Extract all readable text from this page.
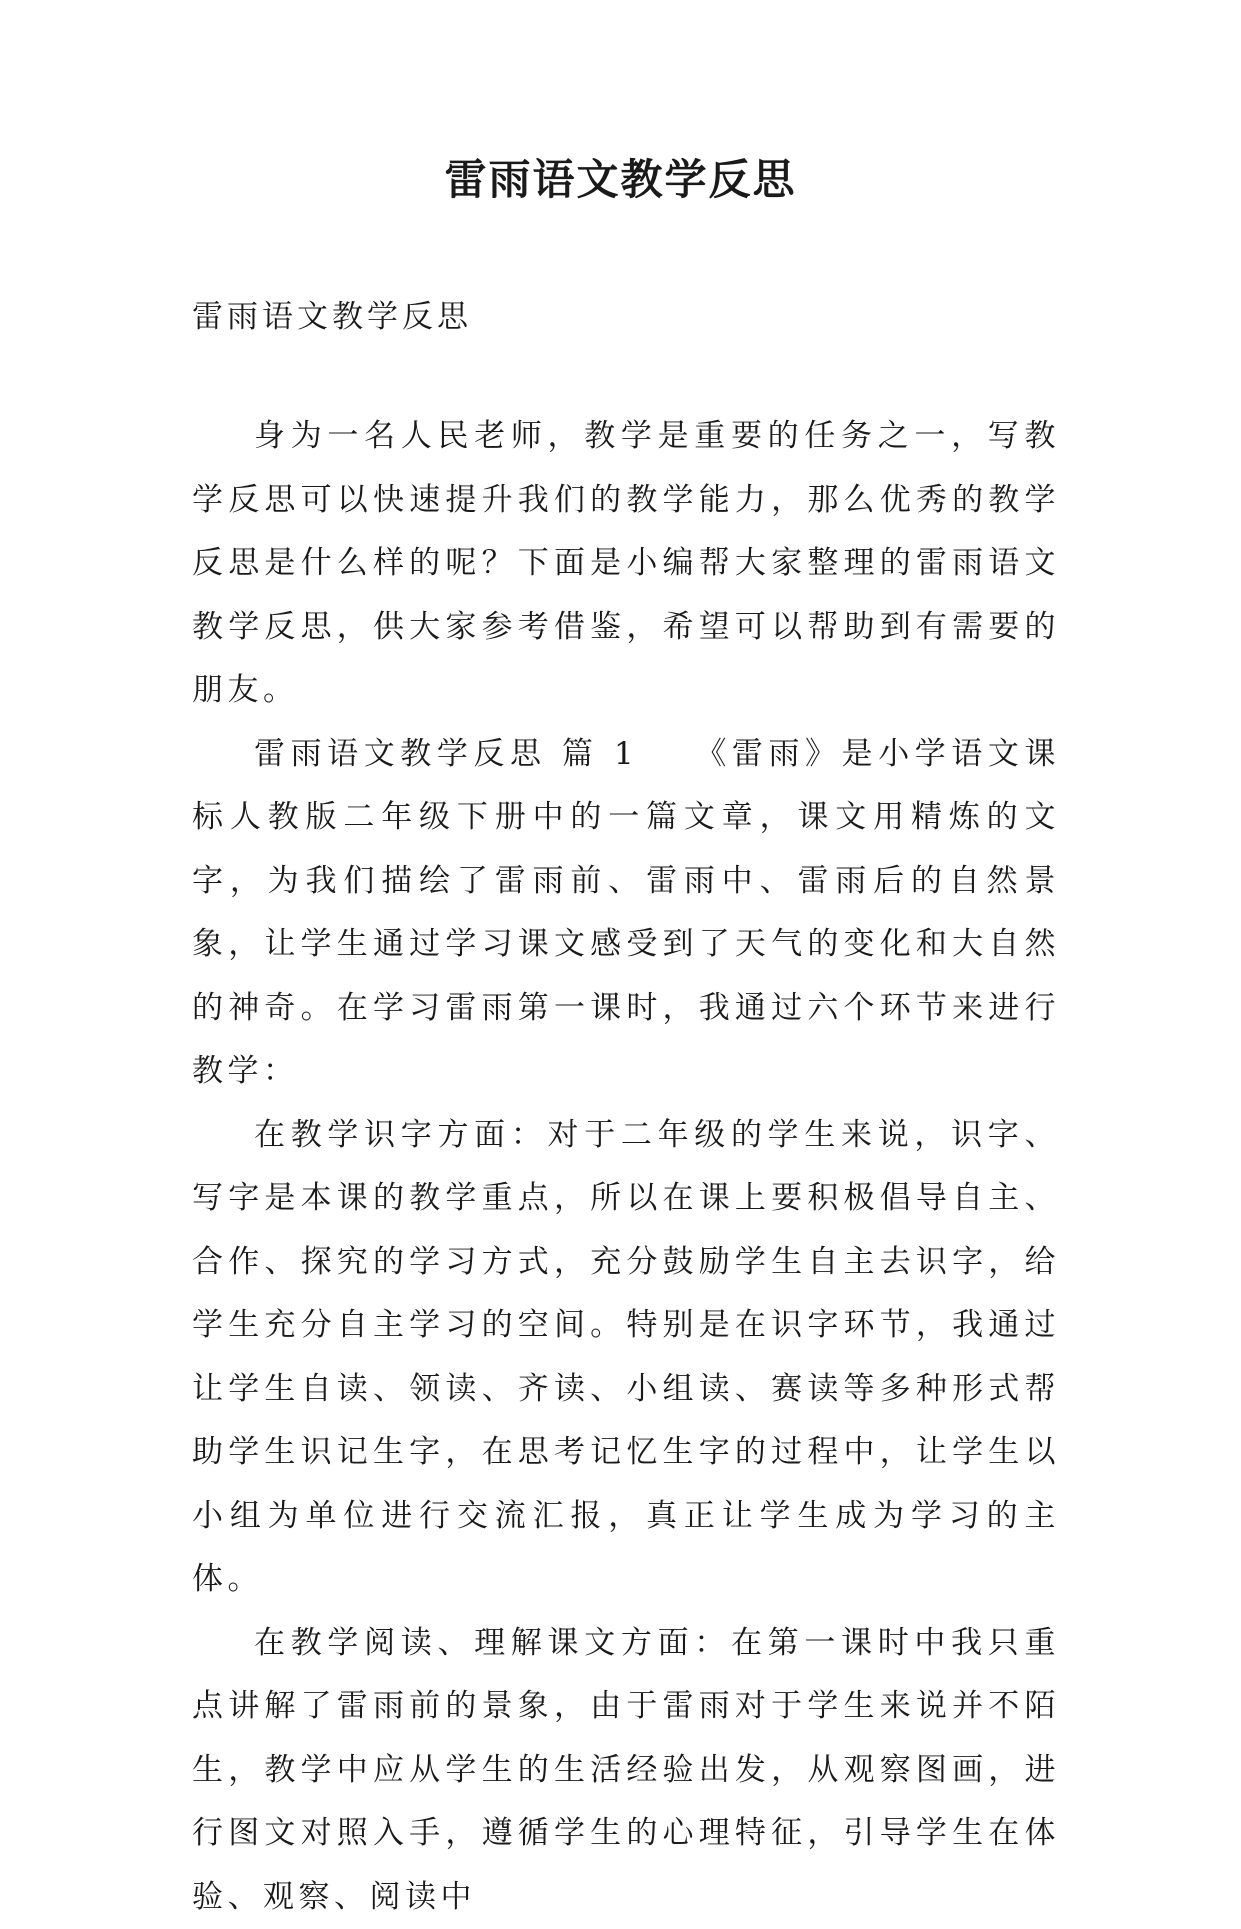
雷雨语文教学反思
雷雨语文教学反思

身为一名人民老师，教学是重要的任务之一，写教学反思可以快速提升我们的教学能力，那么优秀的教学反思是什么样的呢？下面是小编帮大家整理的雷雨语文教学反思，供大家参考借鉴，希望可以帮助到有需要的朋友。

雷雨语文教学反思 篇 1 《雷雨》是小学语文课标人教版二年级下册中的一篇文章，课文用精炼的文字，为我们描绘了雷雨前、雷雨中、雷雨后的自然景象，让学生通过学习课文感受到了天气的变化和大自然的神奇。在学习雷雨第一课时，我通过六个环节来进行教学：

在教学识字方面：对于二年级的学生来说，识字、写字是本课的教学重点，所以在课上要积极倡导自主、合作、探究的学习方式，充分鼓励学生自主去识字，给学生充分自主学习的空间。特别是在识字环节，我通过让学生自读、领读、齐读、小组读、赛读等多种形式帮助学生识记生字，在思考记忆生字的过程中，让学生以小组为单位进行交流汇报，真正让学生成为学习的主体。

在教学阅读、理解课文方面：在第一课时中我只重点讲解了雷雨前的景象，由于雷雨对于学生来说并不陌生，教学中应从学生的生活经验出发，从观察图画，进行图文对照入手，遵循学生的心理特征，引导学生在体验、观察、阅读中
